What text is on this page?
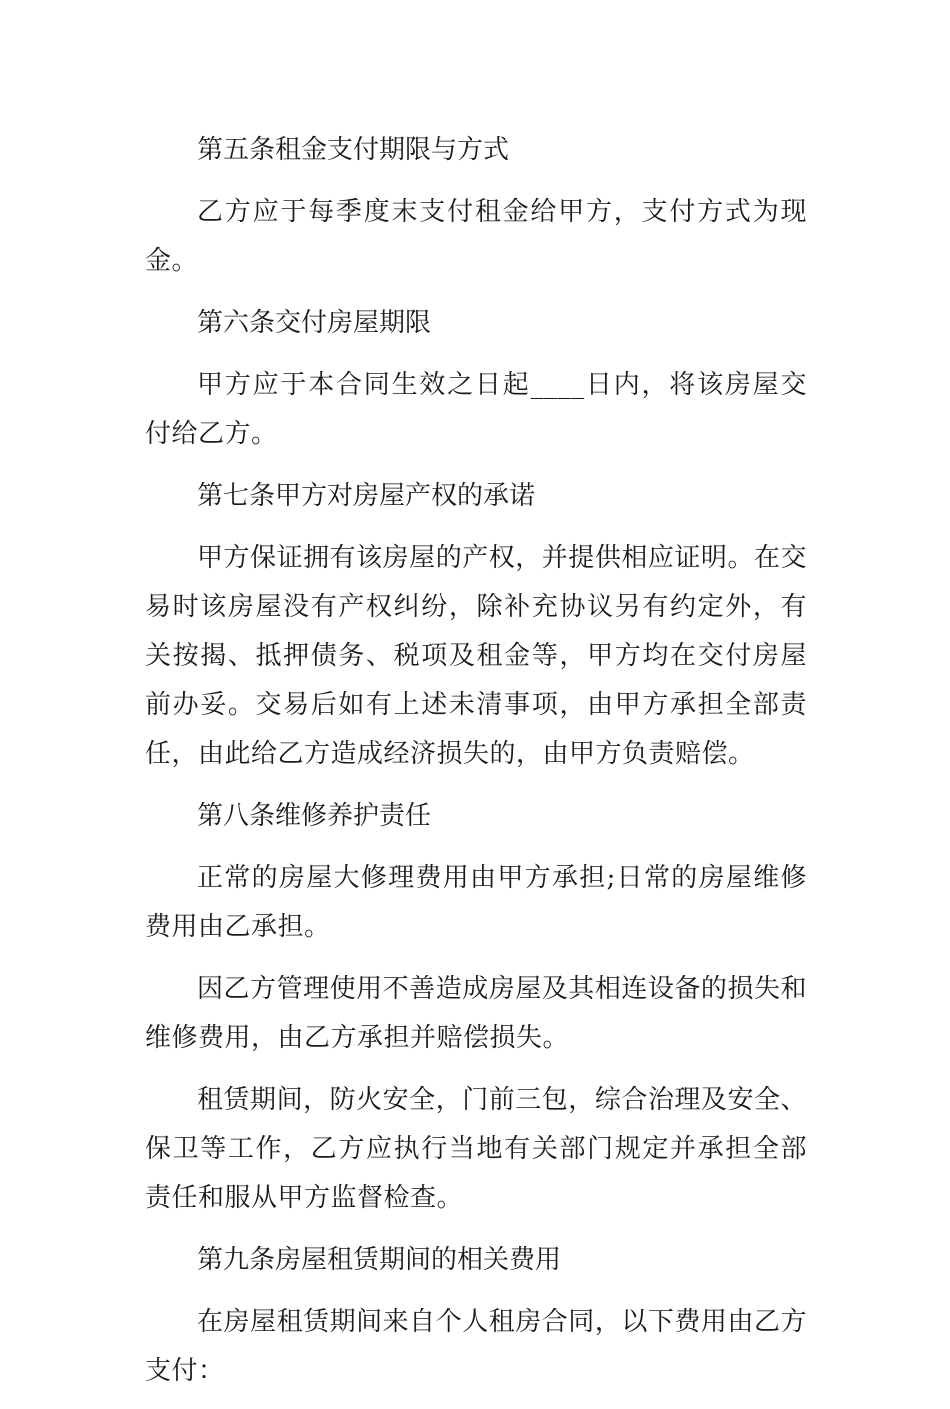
第五条租金支付期限与方式

乙方应于每季度末支付租金给甲方，支付方式为现金。

第六条交付房屋期限

甲方应于本合同生效之日起____日内，将该房屋交付给乙方。

第七条甲方对房屋产权的承诺

甲方保证拥有该房屋的产权，并提供相应证明。在交易时该房屋没有产权纠纷，除补充协议另有约定外，有关按揭、抵押债务、税项及租金等，甲方均在交付房屋前办妥。交易后如有上述未清事项，由甲方承担全部责任，由此给乙方造成经济损失的，由甲方负责赔偿。

第八条维修养护责任

正常的房屋大修理费用由甲方承担;日常的房屋维修费用由乙承担。

因乙方管理使用不善造成房屋及其相连设备的损失和维修费用，由乙方承担并赔偿损失。

租赁期间，防火安全，门前三包，综合治理及安全、保卫等工作，乙方应执行当地有关部门规定并承担全部责任和服从甲方监督检查。

第九条房屋租赁期间的相关费用

在房屋租赁期间来自个人租房合同，以下费用由乙方支付：
